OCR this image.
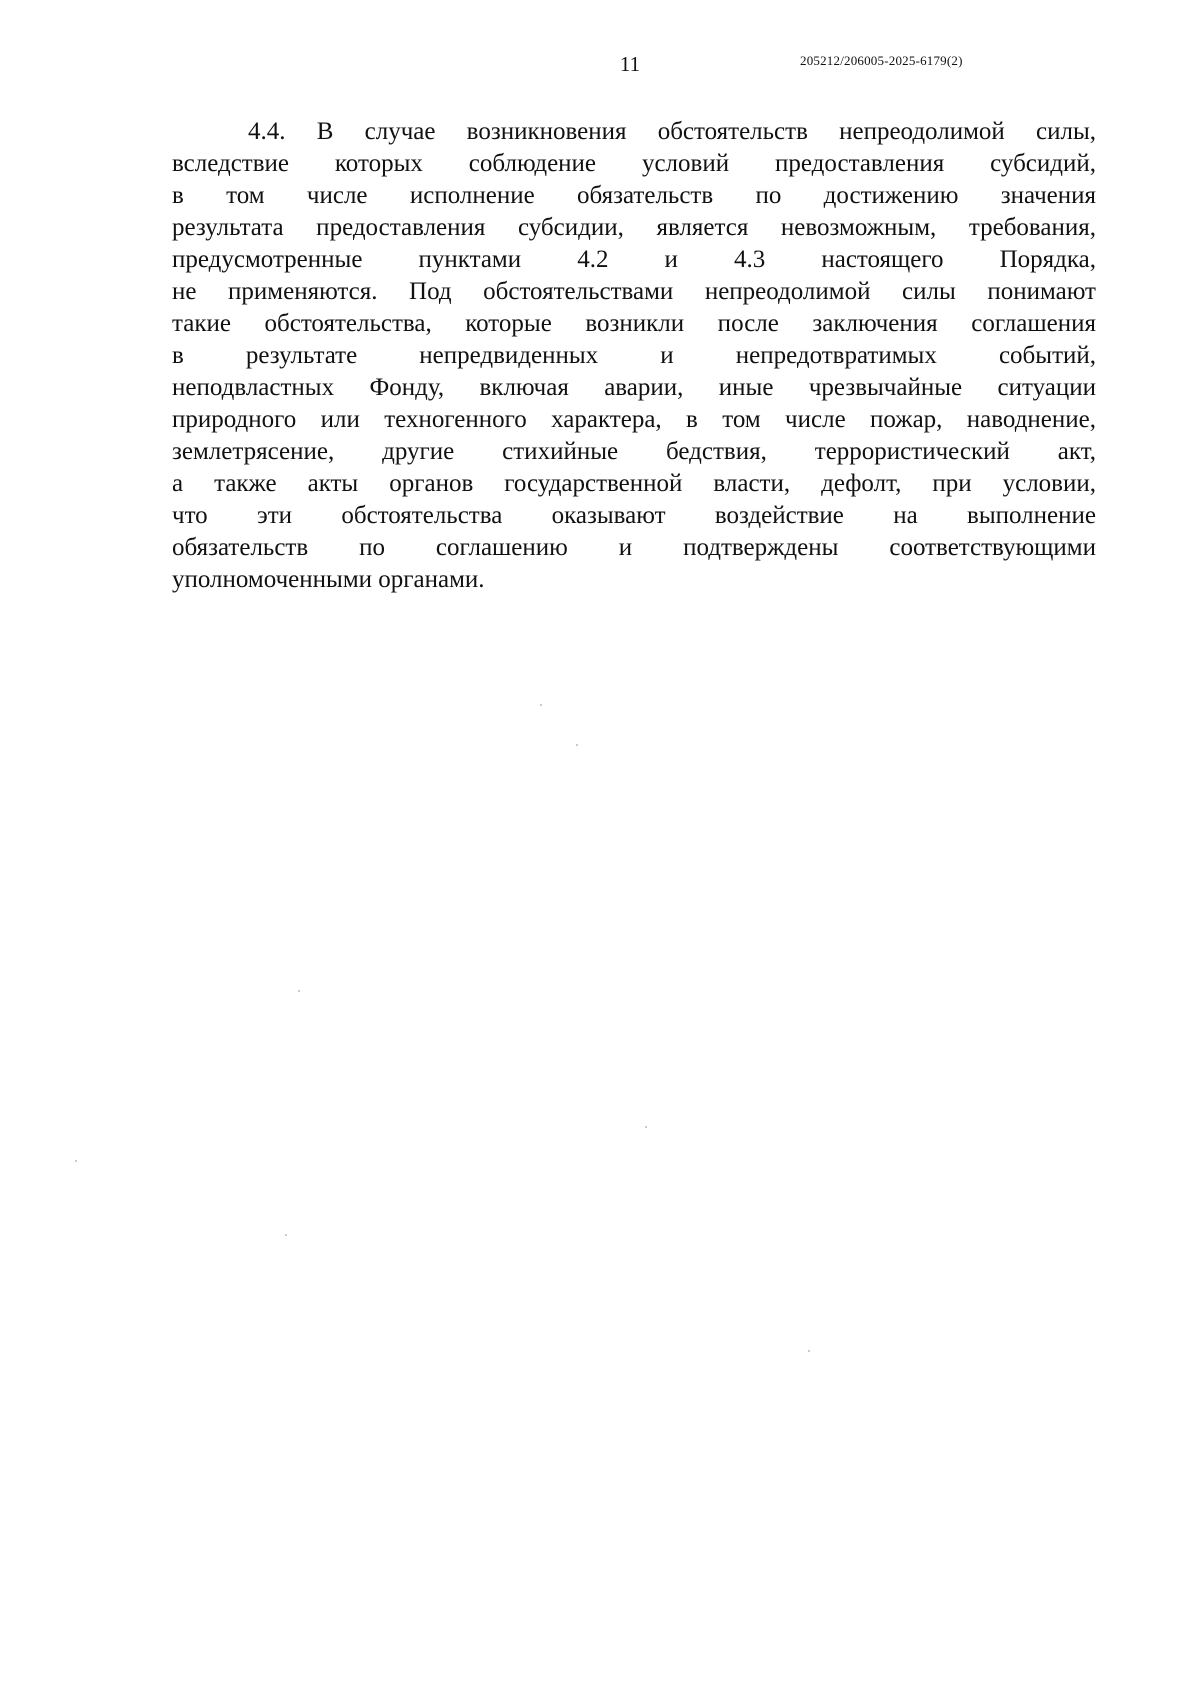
11	205212/206005-2025-6179(2)
4.4. В случае возникновения обстоятельств непреодолимой силы,
вследствие которых соблюдение условий предоставления субсидий,
в том числе исполнение обязательств по достижению значения
результата предоставления субсидии, является невозможным, требования,
предусмотренные пунктами 4.2 и 4.3 настоящего Порядка,
не применяются. Под обстоятельствами непреодолимой силы понимают
такие обстоятельства, которые возникли после заключения соглашения
в результате непредвиденных и непредотвратимых событий,
неподвластных Фонду, включая аварии, иные чрезвычайные ситуации
природного или техногенного характера, в том числе пожар, наводнение,
землетрясение, другие стихийные бедствия, террористический акт,
а также акты органов государственной власти, дефолт, при условии,
что эти обстоятельства оказывают воздействие на выполнение
обязательств по соглашению и подтверждены соответствующими
уполномоченными органами.
